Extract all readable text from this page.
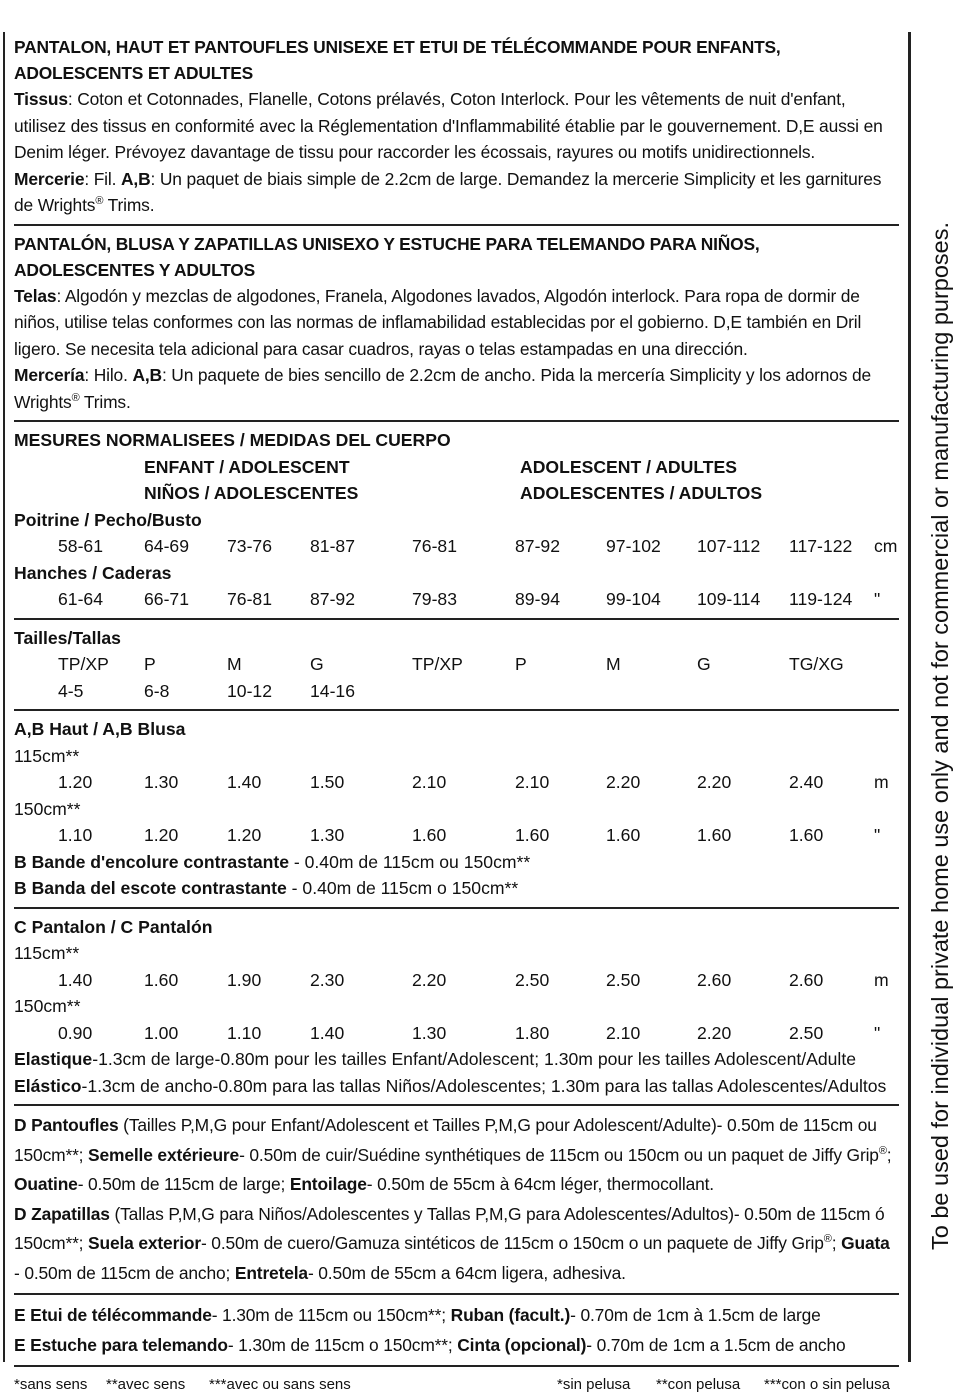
To be used for individual private home use only and not for commercial or manufacturing purposes.

PANTALON, HAUT ET PANTOUFLES UNISEXE ET ETUI DE TÉLÉCOMMANDE POUR ENFANTS, ADOLESCENTS ET ADULTES

Tissus: Coton et Cotonnades, Flanelle, Cotons prélavés, Coton Interlock. Pour les vêtements de nuit d'enfant, utilisez des tissus en conformité avec la Réglementation d'Inflammabilité établie par le gouvernement. D,E aussi en Denim léger. Prévoyez davantage de tissu pour raccorder les écossais, rayures ou motifs unidirectionnels.

Mercerie: Fil. A,B: Un paquet de biais simple de 2.2cm de large. Demandez la mercerie Simplicity et les garnitures de Wrights® Trims.

PANTALÓN, BLUSA Y ZAPATILLAS UNISEXO Y ESTUCHE PARA TELEMANDO PARA NIÑOS, ADOLESCENTES Y ADULTOS

Telas: Algodón y mezclas de algodones, Franela, Algodones lavados, Algodón interlock. Para ropa de dormir de niños, utilise telas conformes con las normas de inflamabilidad establecidas por el gobierno. D,E también en Dril ligero. Se necesita tela adicional para casar cuadros, rayas o telas estampadas en una dirección.

Mercería: Hilo. A,B: Un paquete de bies sencillo de 2.2cm de ancho. Pida la mercería Simplicity y los adornos de Wrights® Trims.

MESURES NORMALISEES / MEDIDAS DEL CUERPO
ENFANT / ADOLESCENT	ADOLESCENT / ADULTES
NIÑOS / ADOLESCENTES	ADOLESCENTES / ADULTOS
Poitrine / Pecho/Busto
58-61 64-69 73-76 81-87	76-81	87-92	97-102 107-112 117-122 cm
Hanches / Caderas
61-64 66-71 76-81 87-92	79-83	89-94	99-104 109-114 119-124 "
Tailles/Tallas
TP/XP P	M	G	TP/XP	P	M	G	TG/XG
4-5	6-8	10-12 14-16
A,B Haut / A,B Blusa
115cm**
1.20	1.30	1.40	1.50	2.10	2.10	2.20	2.20	2.40	m
150cm**
1.10	1.20	1.20	1.30	1.60	1.60	1.60	1.60	1.60	"
B Bande d'encolure contrastante - 0.40m de 115cm ou 150cm**
B Banda del escote contrastante - 0.40m de 115cm o 150cm**
C Pantalon / C Pantalón
115cm**
1.40	1.60	1.90	2.30	2.20	2.50	2.50	2.60	2.60	m
150cm**
0.90	1.00	1.10	1.40	1.30	1.80	2.10	2.20	2.50	"
Elastique-1.3cm de large-0.80m pour les tailles Enfant/Adolescent; 1.30m pour les tailles Adolescent/Adulte
Elástico-1.3cm de ancho-0.80m para las tallas Niños/Adolescentes; 1.30m para las tallas Adolescentes/Adultos

D Pantoufles (Tailles P,M,G pour Enfant/Adolescent et Tailles P,M,G pour Adolescent/Adulte)- 0.50m de 115cm ou 150cm**; Semelle extérieure- 0.50m de cuir/Suédine synthétiques de 115cm ou 150cm ou un paquet de Jiffy Grip®; Ouatine- 0.50m de 115cm de large; Entoilage- 0.50m de 55cm à 64cm léger, thermocollant.

D Zapatillas (Tallas P,M,G para Niños/Adolescentes y Tallas P,M,G para Adolescentes/Adultos)- 0.50m de 115cm ó 150cm**; Suela exterior- 0.50m de cuero/Gamuza sintéticos de 115cm o 150cm o un paquete de Jiffy Grip®; Guata - 0.50m de 115cm de ancho; Entretela- 0.50m de 55cm a 64cm ligera, adhesiva.

E Etui de télécommande- 1.30m de 115cm ou 150cm**; Ruban (facult.)- 0.70m de 1cm à 1.5cm de large

E Estuche para telemando- 1.30m de 115cm o 150cm**; Cinta (opcional)- 0.70m de 1cm a 1.5cm de ancho

*sans sens **avec sens ***avec ou sans sens	*sin pelusa **con pelusa ***con o sin pelusa
